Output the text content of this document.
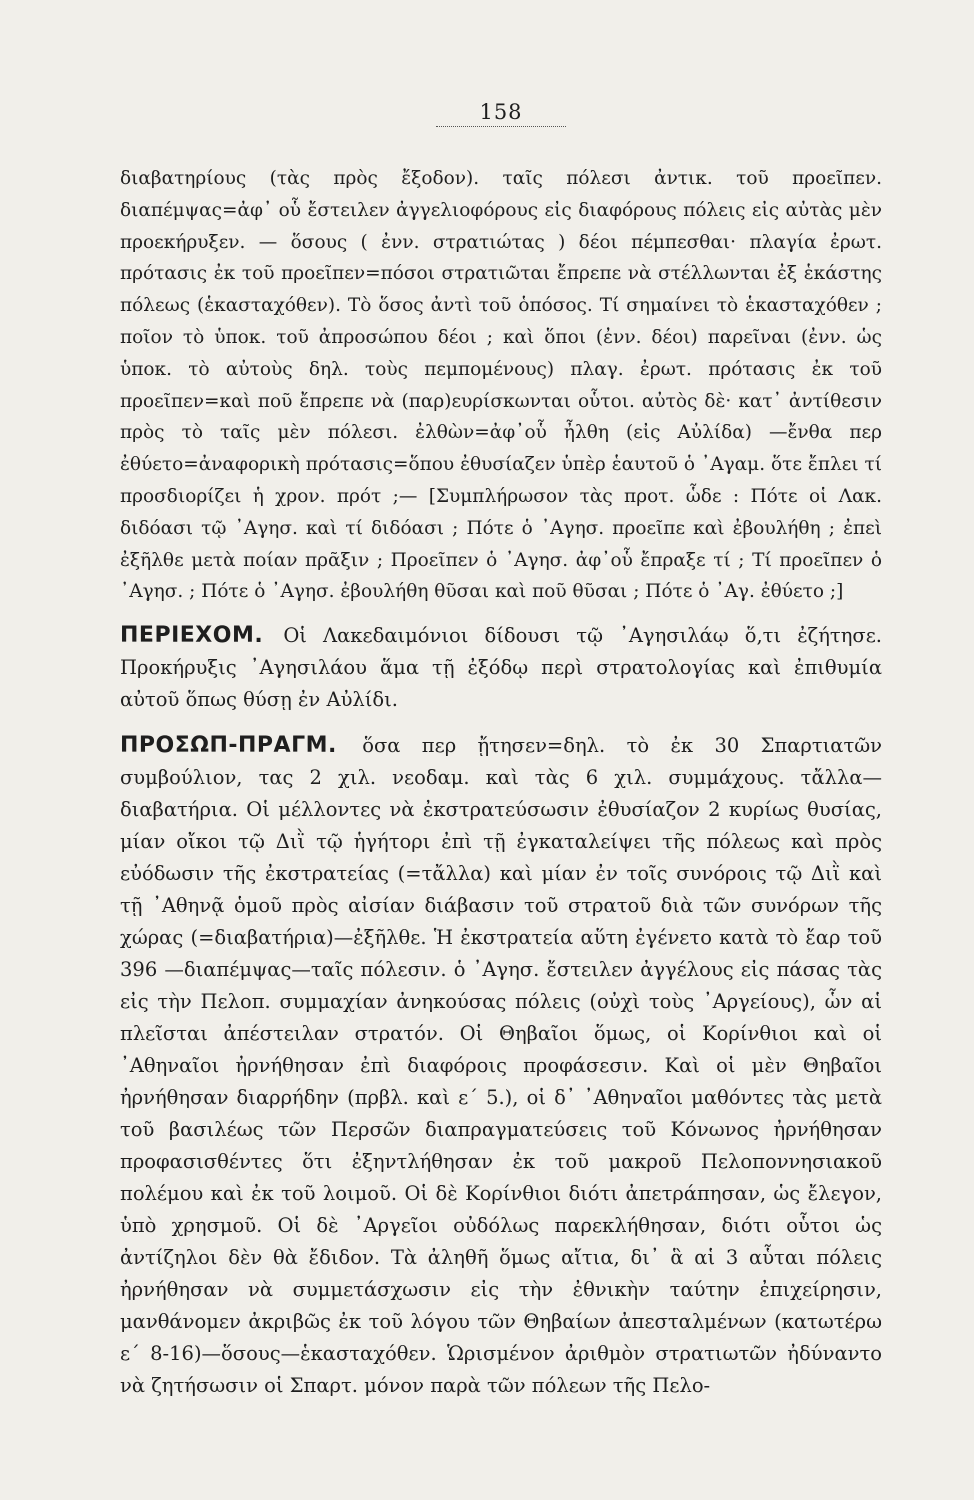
158

διαβατηρίους (τὰς πρὸς ἔξοδον). ταῖς πόλεσι ἀντικ. τοῦ προεῖπεν. διαπέμψας=ἀφ᾿ οὗ ἔστειλεν ἀγγελιοφόρους εἰς διαφόρους πόλεις εἰς αὐτὰς μὲν προεκήρυξεν. — ὅσους ( ἐνν. στρατιώτας ) δέοι πέμπεσθαι· πλαγία ἐρωτ. πρότασις ἐκ τοῦ προεῖπεν=πόσοι στρατιῶται ἔπρεπε νὰ στέλλωνται ἐξ ἑκάστης πόλεως (ἑκασταχόθεν). Τὸ ὅσος ἀντὶ τοῦ ὁπόσος. Τί σημαίνει τὸ ἑκασταχόθεν ; ποῖον τὸ ὑποκ. τοῦ ἀπροσώπου δέοι ; καὶ ὅποι (ἐνν. δέοι) παρεῖναι (ἐνν. ὡς ὑποκ. τὸ αὐτοὺς δηλ. τοὺς πεμπομένους) πλαγ. ἐρωτ. πρότασις ἐκ τοῦ προεῖπεν=καὶ ποῦ ἔπρεπε νὰ (παρ)ευρίσκωνται οὗτοι. αὐτὸς δὲ· κατ᾿ ἀντίθεσιν πρὸς τὸ ταῖς μὲν πόλεσι. ἐλθὼν=ἀφ᾿οὗ ἦλθη (εἰς Αὐλίδα) —ἔνθα περ ἐθύετο=ἀναφορικὴ πρότασις=ὅπου ἐθυσίαζεν ὑπὲρ ἑαυτοῦ ὁ ᾿Αγαμ. ὅτε ἔπλει τί προσδιορίζει ἡ χρον. πρότ ;— [Συμπλήρωσον τὰς προτ. ὧδε : Πότε οἱ Λακ. διδόασι τῷ ᾿Αγησ. καὶ τί διδόασι ; Πότε ὁ ᾿Αγησ. προεῖπε καὶ ἐβουλήθη ; ἐπεὶ ἐξῆλθε μετὰ ποίαν πρᾶξιν ; Προεῖπεν ὁ ᾿Αγησ. ἀφ᾿οὗ ἔπραξε τί ; Τί προεῖπεν ὁ ᾿Αγησ. ; Πότε ὁ ᾿Αγησ. ἐβουλήθη θῦσαι καὶ ποῦ θῦσαι ; Πότε ὁ ᾿Αγ. ἐθύετο ;]

ΠΕΡΙΕΧΟΜ. Οἱ Λακεδαιμόνιοι δίδουσι τῷ ᾿Αγησιλάῳ ὅ,τι ἐζήτησε. Προκήρυξις ᾿Αγησιλάου ἅμα τῇ ἐξόδῳ περὶ στρατολογίας καὶ ἐπιθυμία αὐτοῦ ὅπως θύσῃ ἐν Αὐλίδι.

ΠΡΟΣΩΠ-ΠΡΑΓΜ. ὅσα περ ᾔτησεν=δηλ. τὸ ἐκ 30 Σπαρτιατῶν συμβούλιον, τας 2 χιλ. νεοδαμ. καὶ τὰς 6 χιλ. συμμάχους. τἄλλα—διαβατήρια. Οἱ μέλλοντες νὰ ἐκστρατεύσωσιν ἐθυσίαζον 2 κυρίως θυσίας, μίαν οἴκοι τῷ Διῒ τῷ ἡγήτορι ἐπὶ τῇ ἐγκαταλείψει τῆς πόλεως καὶ πρὸς εὐόδωσιν τῆς ἐκστρατείας (=τἄλλα) καὶ μίαν ἐν τοῖς συνόροις τῷ Διῒ καὶ τῇ ᾿Αθηνᾷ ὁμοῦ πρὸς αἰσίαν διάβασιν τοῦ στρατοῦ διὰ τῶν συνόρων τῆς χώρας (=διαβατήρια)—ἐξῆλθε. Ἡ ἐκστρατεία αὕτη ἐγένετο κατὰ τὸ ἔαρ τοῦ 396 —διαπέμψας—ταῖς πόλεσιν. ὁ ᾿Αγησ. ἔστειλεν ἀγγέλους εἰς πάσας τὰς εἰς τὴν Πελοπ. συμμαχίαν ἀνηκούσας πόλεις (οὐχὶ τοὺς ᾿Αργείους), ὧν αἱ πλεῖσται ἀπέστειλαν στρατόν. Οἱ Θηβαῖοι ὅμως, οἱ Κορίνθιοι καὶ οἱ ᾿Αθηναῖοι ἠρνήθησαν ἐπὶ διαφόροις προφάσεσιν. Καὶ οἱ μὲν Θηβαῖοι ἠρνήθησαν διαρρήδην (πρβλ. καὶ ε΄ 5.), οἱ δ᾿ ᾿Αθηναῖοι μαθόντες τὰς μετὰ τοῦ βασιλέως τῶν Περσῶν διαπραγματεύσεις τοῦ Κόνωνος ἠρνήθησαν προφασισθέντες ὅτι ἐξηντλήθησαν ἐκ τοῦ μακροῦ Πελοποννησιακοῦ πολέμου καὶ ἐκ τοῦ λοιμοῦ. Οἱ δὲ Κορίνθιοι διότι ἀπετράπησαν, ὡς ἔλεγον, ὑπὸ χρησμοῦ. Οἱ δὲ ᾿Αργεῖοι οὐδόλως παρεκλήθησαν, διότι οὗτοι ὡς ἀντίζηλοι δὲν θὰ ἔδιδον. Τὰ ἀληθῆ ὅμως αἴτια, δι᾿ ἃ αἱ 3 αὗται πόλεις ἠρνήθησαν νὰ συμμετάσχωσιν εἰς τὴν ἐθνικὴν ταύτην ἐπιχείρησιν, μανθάνομεν ἀκριβῶς ἐκ τοῦ λόγου τῶν Θηβαίων ἀπεσταλμένων (κατωτέρω ε΄ 8-16)—ὅσους—ἑκασταχόθεν. Ὡρισμένον ἀριθμὸν στρατιωτῶν ἠδύναντο νὰ ζητήσωσιν οἱ Σπαρτ. μόνον παρὰ τῶν πόλεων τῆς Πελο-
